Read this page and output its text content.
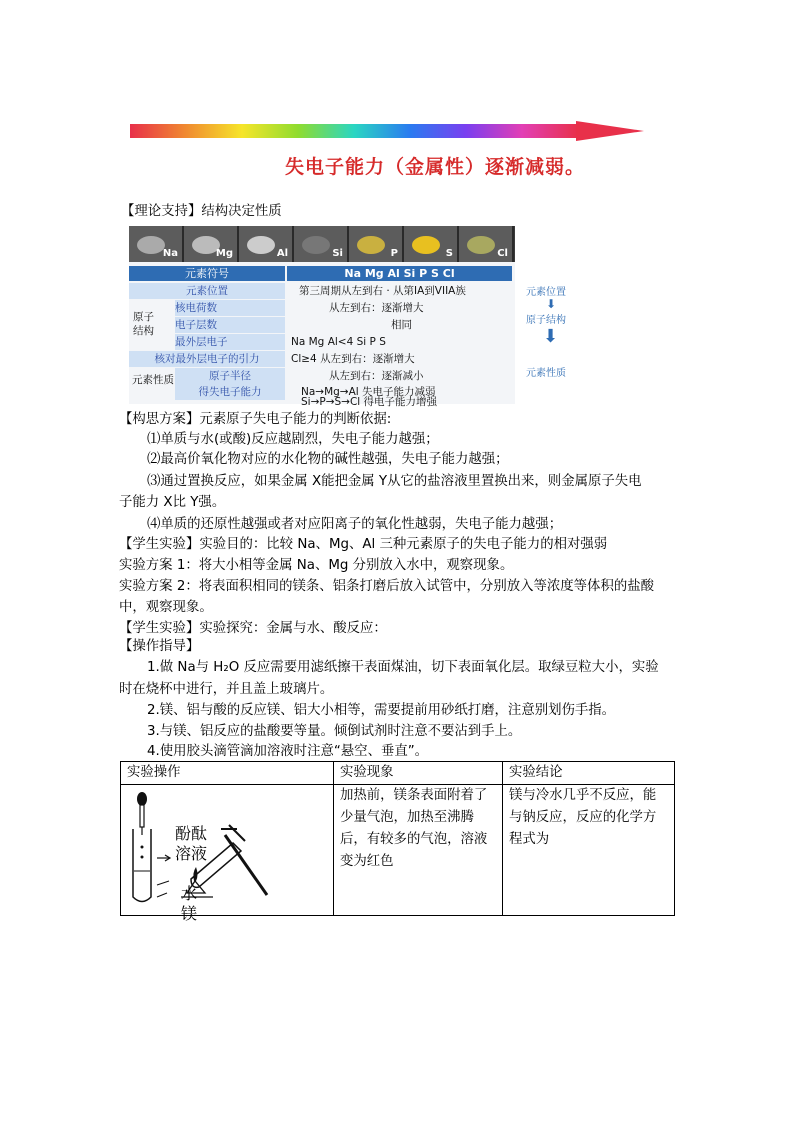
失电子能力（金属性）逐渐减弱。
【理论支持】结构决定性质
Na	Mg	Al	Si	P	S	Cl
元素符号	Na Mg Al Si P S Cl
元素位置	第三周期从左到右 · 从第IA到VIIA族
核电荷数	从左到右：逐渐增大
电子层数	相同
最外层电子	Na Mg Al<4 Si P S
核对最外层电子的引力	Cl≥4 从左到右：逐渐增大
原子半径	从左到右：逐渐减小
得失电子能力	Na→Mg→Al 失电子能力减弱
Si→P→S→Cl 得电子能力增强
原子
结构
元素性质
元素位置
⬇
原子结构
⬇
元素性质
【构思方案】元素原子失电子能力的判断依据:
⑴单质与水(或酸)反应越剧烈，失电子能力越强；
⑵最高价氧化物对应的水化物的碱性越强，失电子能力越强；
⑶通过置换反应，如果金属 X能把金属 Y从它的盐溶液里置换出来，则金属原子失电
子能力 X比 Y强。
⑷单质的还原性越强或者对应阳离子的氧化性越弱，失电子能力越强；
【学生实验】实验目的：比较 Na、Mg、Al 三种元素原子的失电子能力的相对强弱
实验方案 1：将大小相等金属 Na、Mg 分别放入水中，观察现象。
实验方案 2：将表面积相同的镁条、铝条打磨后放入试管中，分别放入等浓度等体积的盐酸
中，观察现象。
【学生实验】实验探究：金属与水、酸反应：
【操作指导】
1.做 Na与 H₂O 反应需要用滤纸擦干表面煤油，切下表面氧化层。取绿豆粒大小，实验
时在烧杯中进行，并且盖上玻璃片。
2.镁、铝与酸的反应镁、铝大小相等，需要提前用砂纸打磨，注意别划伤手指。
3.与镁、铝反应的盐酸要等量。倾倒试剂时注意不要沾到手上。
4.使用胶头滴管滴加溶液时注意“悬空、垂直”。
实验操作	实验现象	实验结论

酚酞
溶液
水
镁	加热前，镁条表面附着了少量气泡，加热至沸腾后，有较多的气泡，溶液变为红色	镁与冷水几乎不反应，能与钠反应，反应的化学方程式为
